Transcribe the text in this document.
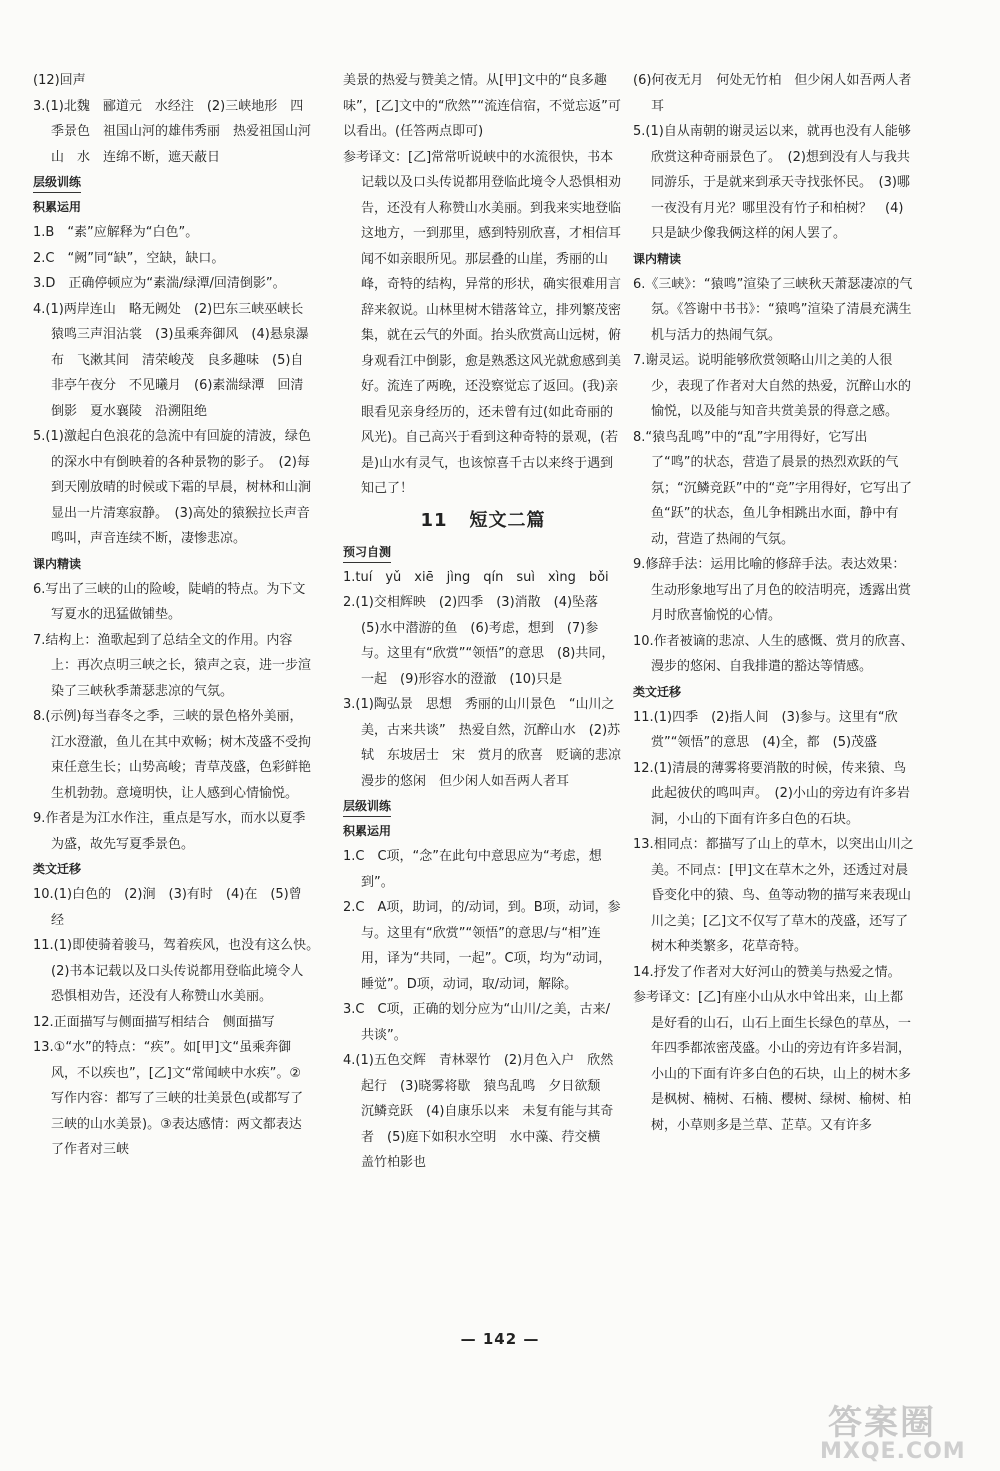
(12)回声

3.(1)北魏　郦道元　水经注　(2)三峡地形　四季景色　祖国山河的雄伟秀丽　热爱祖国山河　山　水　连绵不断，遮天蔽日

层级训练

积累运用

1.B　“素”应解释为“白色”。

2.C　“阙”同“缺”，空缺，缺口。

3.D　正确停顿应为“素湍/绿潭/回清倒影”。

4.(1)两岸连山　略无阙处　(2)巴东三峡巫峡长　猿鸣三声泪沾裳　(3)虽乘奔御风　(4)悬泉瀑布　飞漱其间　清荣峻茂　良多趣味　(5)自非亭午夜分　不见曦月　(6)素湍绿潭　回清倒影　夏水襄陵　沿溯阻绝

5.(1)激起白色浪花的急流中有回旋的清波，绿色的深水中有倒映着的各种景物的影子。　(2)每到天刚放晴的时候或下霜的早晨，树林和山涧显出一片清寒寂静。　(3)高处的猿猴拉长声音鸣叫，声音连续不断，凄惨悲凉。

课内精读

6.写出了三峡的山的险峻，陡峭的特点。为下文写夏水的迅猛做铺垫。

7.结构上：渔歌起到了总结全文的作用。内容上：再次点明三峡之长，猿声之哀，进一步渲染了三峡秋季萧瑟悲凉的气氛。

8.(示例)每当春冬之季，三峡的景色格外美丽，江水澄澈，鱼儿在其中欢畅；树木茂盛不受拘束任意生长；山势高峻；青草茂盛，色彩鲜艳生机勃勃。意境明快，让人感到心情愉悦。

9.作者是为江水作注，重点是写水，而水以夏季为盛，故先写夏季景色。

类文迁移

10.(1)白色的　(2)涧　(3)有时　(4)在　(5)曾经

11.(1)即使骑着骏马，驾着疾风，也没有这么快。　(2)书本记载以及口头传说都用登临此境令人恐惧相劝告，还没有人称赞山水美丽。

12.正面描写与侧面描写相结合　侧面描写

13.①“水”的特点：“疾”。如[甲]文“虽乘奔御风，不以疾也”，[乙]文“常闻峡中水疾”。②写作内容：都写了三峡的壮美景色(或都写了三峡的山水美景)。③表达感情：两文都表达了作者对三峡

美景的热爱与赞美之情。从[甲]文中的“良多趣味”，[乙]文中的“欣然”“流连信宿，不觉忘返”可以看出。(任答两点即可)

参考译文：[乙]常常听说峡中的水流很快，书本记载以及口头传说都用登临此境令人恐惧相劝告，还没有人称赞山水美丽。到我来实地登临这地方，一到那里，感到特别欣喜，才相信耳闻不如亲眼所见。那层叠的山崖，秀丽的山峰，奇特的结构，异常的形状，确实很难用言辞来叙说。山林里树木错落耸立，排列繁茂密集，就在云气的外面。抬头欣赏高山远树，俯身观看江中倒影，愈是熟悉这风光就愈感到美好。流连了两晚，还没察觉忘了返回。(我)亲眼看见亲身经历的，还未曾有过(如此奇丽的风光)。自己高兴于看到这种奇特的景观，(若是)山水有灵气，也该惊喜千古以来终于遇到知己了！

11 短文二篇

预习自测

1.tuí　yǔ　xiē　jìng　qín　suì　xìng　bǒi

2.(1)交相辉映　(2)四季　(3)消散　(4)坠落　(5)水中潜游的鱼　(6)考虑，想到　(7)参与。这里有“欣赏”“领悟”的意思　(8)共同，一起　(9)形容水的澄澈　(10)只是

3.(1)陶弘景　思想　秀丽的山川景色　“山川之美，古来共谈”　热爱自然，沉醉山水　(2)苏轼　东坡居士　宋　赏月的欣喜　贬谪的悲凉　漫步的悠闲　但少闲人如吾两人者耳

层级训练

积累运用

1.C　C项，“念”在此句中意思应为“考虑，想到”。

2.C　A项，助词，的/动词，到。B项，动词，参与。这里有“欣赏”“领悟”的意思/与“相”连用，译为“共同，一起”。C项，均为“动词，睡觉”。D项，动词，取/动词，解除。

3.C　C项，正确的划分应为“山川/之美，古来/共谈”。

4.(1)五色交辉　青林翠竹　(2)月色入户　欣然起行　(3)晓雾将歇　猿鸟乱鸣　夕日欲颓　沉鳞竞跃　(4)自康乐以来　未复有能与其奇者　(5)庭下如积水空明　水中藻、荇交横　盖竹柏影也

(6)何夜无月　何处无竹柏　但少闲人如吾两人者耳

5.(1)自从南朝的谢灵运以来，就再也没有人能够欣赏这种奇丽景色了。　(2)想到没有人与我共同游乐，于是就来到承天寺找张怀民。　(3)哪一夜没有月光？哪里没有竹子和柏树？　(4)只是缺少像我俩这样的闲人罢了。

课内精读

6.《三峡》：“猿鸣”渲染了三峡秋天萧瑟凄凉的气氛。《答谢中书书》：“猿鸣”渲染了清晨充满生机与活力的热闹气氛。

7.谢灵运。说明能够欣赏领略山川之美的人很少，表现了作者对大自然的热爱，沉醉山水的愉悦，以及能与知音共赏美景的得意之感。

8.“猿鸟乱鸣”中的“乱”字用得好，它写出了“鸣”的状态，营造了晨景的热烈欢跃的气氛；“沉鳞竞跃”中的“竞”字用得好，它写出了鱼“跃”的状态，鱼儿争相跳出水面，静中有动，营造了热闹的气氛。

9.修辞手法：运用比喻的修辞手法。表达效果：生动形象地写出了月色的皎洁明亮，透露出赏月时欣喜愉悦的心情。

10.作者被谪的悲凉、人生的感慨、赏月的欣喜、漫步的悠闲、自我排遣的豁达等情感。

类文迁移

11.(1)四季　(2)指人间　(3)参与。这里有“欣赏”“领悟”的意思　(4)全，都　(5)茂盛

12.(1)清晨的薄雾将要消散的时候，传来猿、鸟此起彼伏的鸣叫声。　(2)小山的旁边有许多岩洞，小山的下面有许多白色的石块。

13.相同点：都描写了山上的草木，以突出山川之美。不同点：[甲]文在草木之外，还透过对晨昏变化中的猿、鸟、鱼等动物的描写来表现山川之美；[乙]文不仅写了草木的茂盛，还写了树木种类繁多，花草奇特。

14.抒发了作者对大好河山的赞美与热爱之情。

参考译文：[乙]有座小山从水中耸出来，山上都是好看的山石，山石上面生长绿色的草丛，一年四季都浓密茂盛。小山的旁边有许多岩洞，小山的下面有许多白色的石块，山上的树木多是枫树、楠树、石楠、樱树、绿树、榆树、柏树，小草则多是兰草、芷草。又有许多

— 142 —
答案圈
MXQE.COM
